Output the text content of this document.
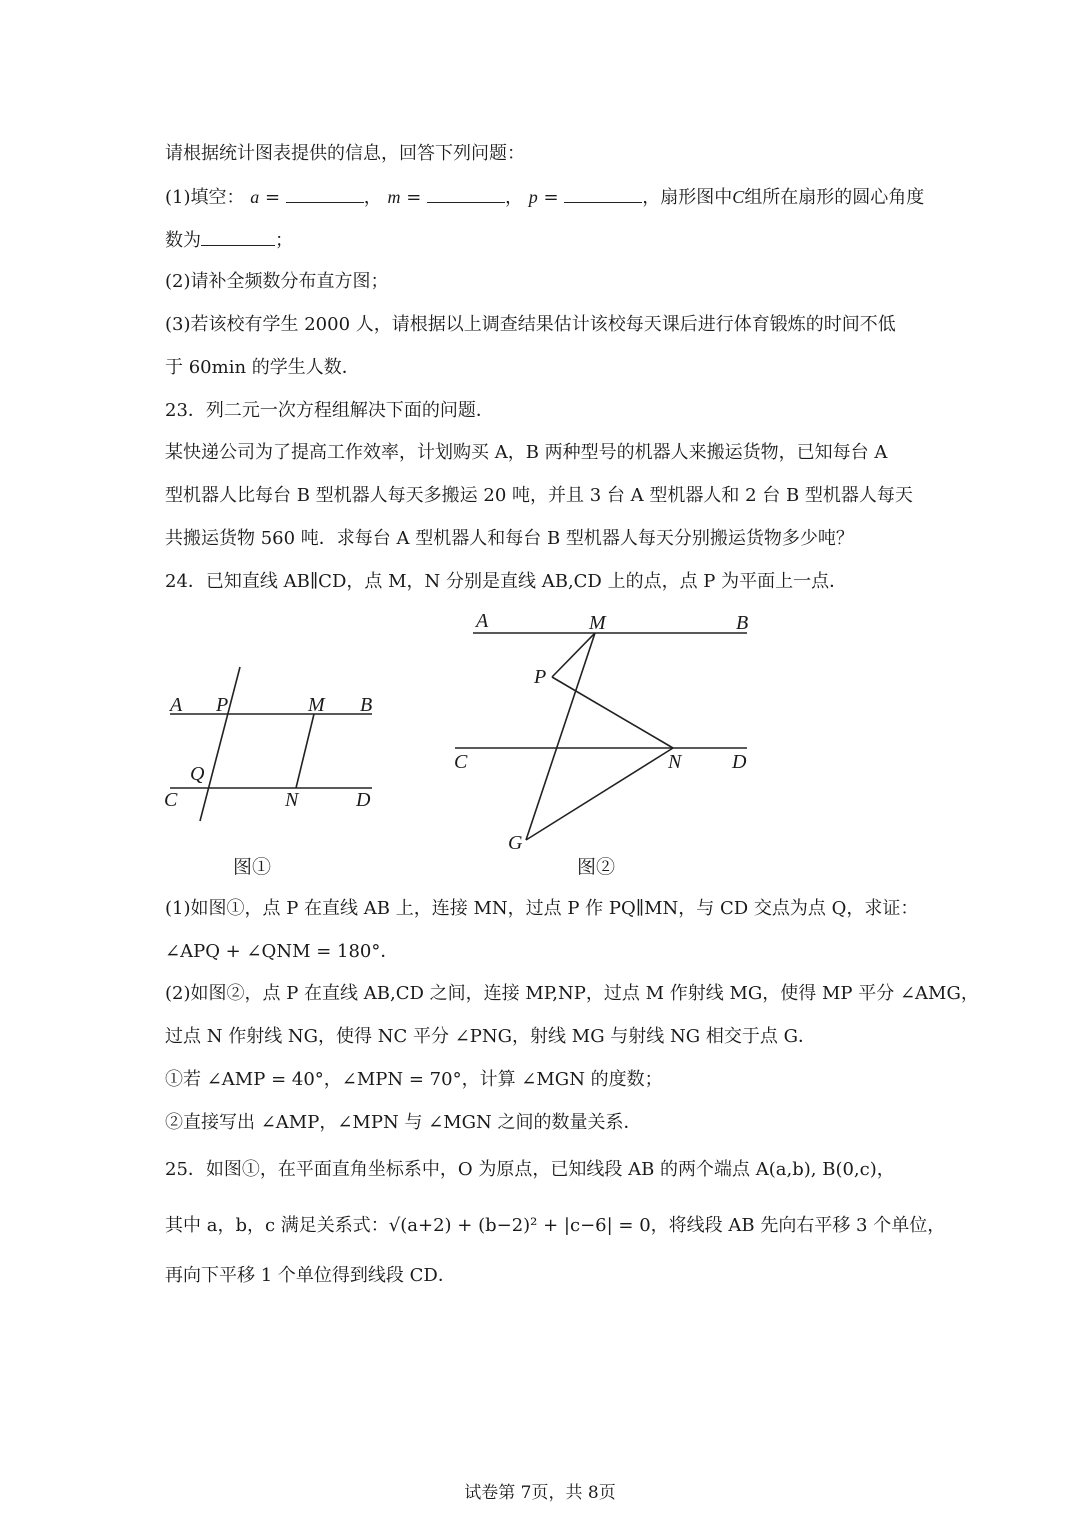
请根据统计图表提供的信息，回答下列问题：
(1)填空： a =	， m =	， p =	，扇形图中C组所在扇形的圆心角度
数为	；
(2)请补全频数分布直方图；
(3)若该校有学生 2000 人，请根据以上调查结果估计该校每天课后进行体育锻炼的时间不低
于 60min 的学生人数．
23．列二元一次方程组解决下面的问题．
某快递公司为了提高工作效率，计划购买 A，B 两种型号的机器人来搬运货物，已知每台 A
型机器人比每台 B 型机器人每天多搬运 20 吨，并且 3 台 A 型机器人和 2 台 B 型机器人每天
共搬运货物 560 吨．求每台 A 型机器人和每台 B 型机器人每天分别搬运货物多少吨？
24．已知直线 AB∥CD，点 M，N 分别是直线 AB,CD 上的点，点 P 为平面上一点．
A P	M B
Q
C	N	D
图①
A	M	B
P
C	N	D
G
图②
(1)如图①，点 P 在直线 AB 上，连接 MN，过点 P 作 PQ∥MN，与 CD 交点为点 Q，求证：
∠APQ + ∠QNM = 180°．
(2)如图②，点 P 在直线 AB,CD 之间，连接 MP,NP，过点 M 作射线 MG，使得 MP 平分 ∠AMG，
过点 N 作射线 NG，使得 NC 平分 ∠PNG，射线 MG 与射线 NG 相交于点 G．
①若 ∠AMP = 40°，∠MPN = 70°，计算 ∠MGN 的度数；
②直接写出 ∠AMP，∠MPN 与 ∠MGN 之间的数量关系．
25．如图①，在平面直角坐标系中，O 为原点，已知线段 AB 的两个端点 A(a,b), B(0,c)，
其中 a，b，c 满足关系式：√(a+2) + (b−2)² + |c−6| = 0，将线段 AB 先向右平移 3 个单位，
再向下平移 1 个单位得到线段 CD．
试卷第 7页，共 8页
